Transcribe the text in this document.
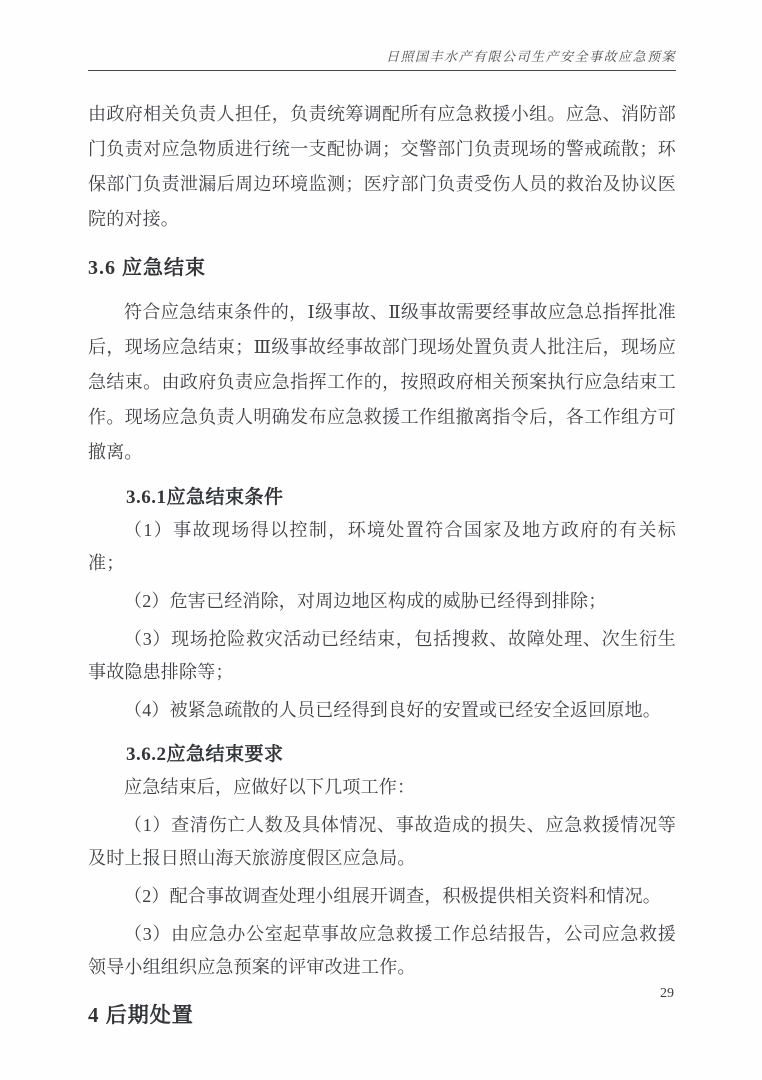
日照国丰水产有限公司生产安全事故应急预案

由政府相关负责人担任，负责统筹调配所有应急救援小组。应急、消防部门负责对应急物质进行统一支配协调；交警部门负责现场的警戒疏散；环保部门负责泄漏后周边环境监测；医疗部门负责受伤人员的救治及协议医院的对接。

3.6 应急结束

符合应急结束条件的，Ⅰ级事故、Ⅱ级事故需要经事故应急总指挥批准后，现场应急结束；Ⅲ级事故经事故部门现场处置负责人批注后，现场应急结束。由政府负责应急指挥工作的，按照政府相关预案执行应急结束工作。现场应急负责人明确发布应急救援工作组撤离指令后，各工作组方可撤离。

3.6.1应急结束条件

（1）事故现场得以控制，环境处置符合国家及地方政府的有关标准；

（2）危害已经消除，对周边地区构成的威胁已经得到排除；

（3）现场抢险救灾活动已经结束，包括搜救、故障处理、次生衍生事故隐患排除等；

（4）被紧急疏散的人员已经得到良好的安置或已经安全返回原地。

3.6.2应急结束要求

应急结束后，应做好以下几项工作：

（1）查清伤亡人数及具体情况、事故造成的损失、应急救援情况等及时上报日照山海天旅游度假区应急局。

（2）配合事故调查处理小组展开调查，积极提供相关资料和情况。

（3）由应急办公室起草事故应急救援工作总结报告，公司应急救援领导小组组织应急预案的评审改进工作。

4 后期处置
29
